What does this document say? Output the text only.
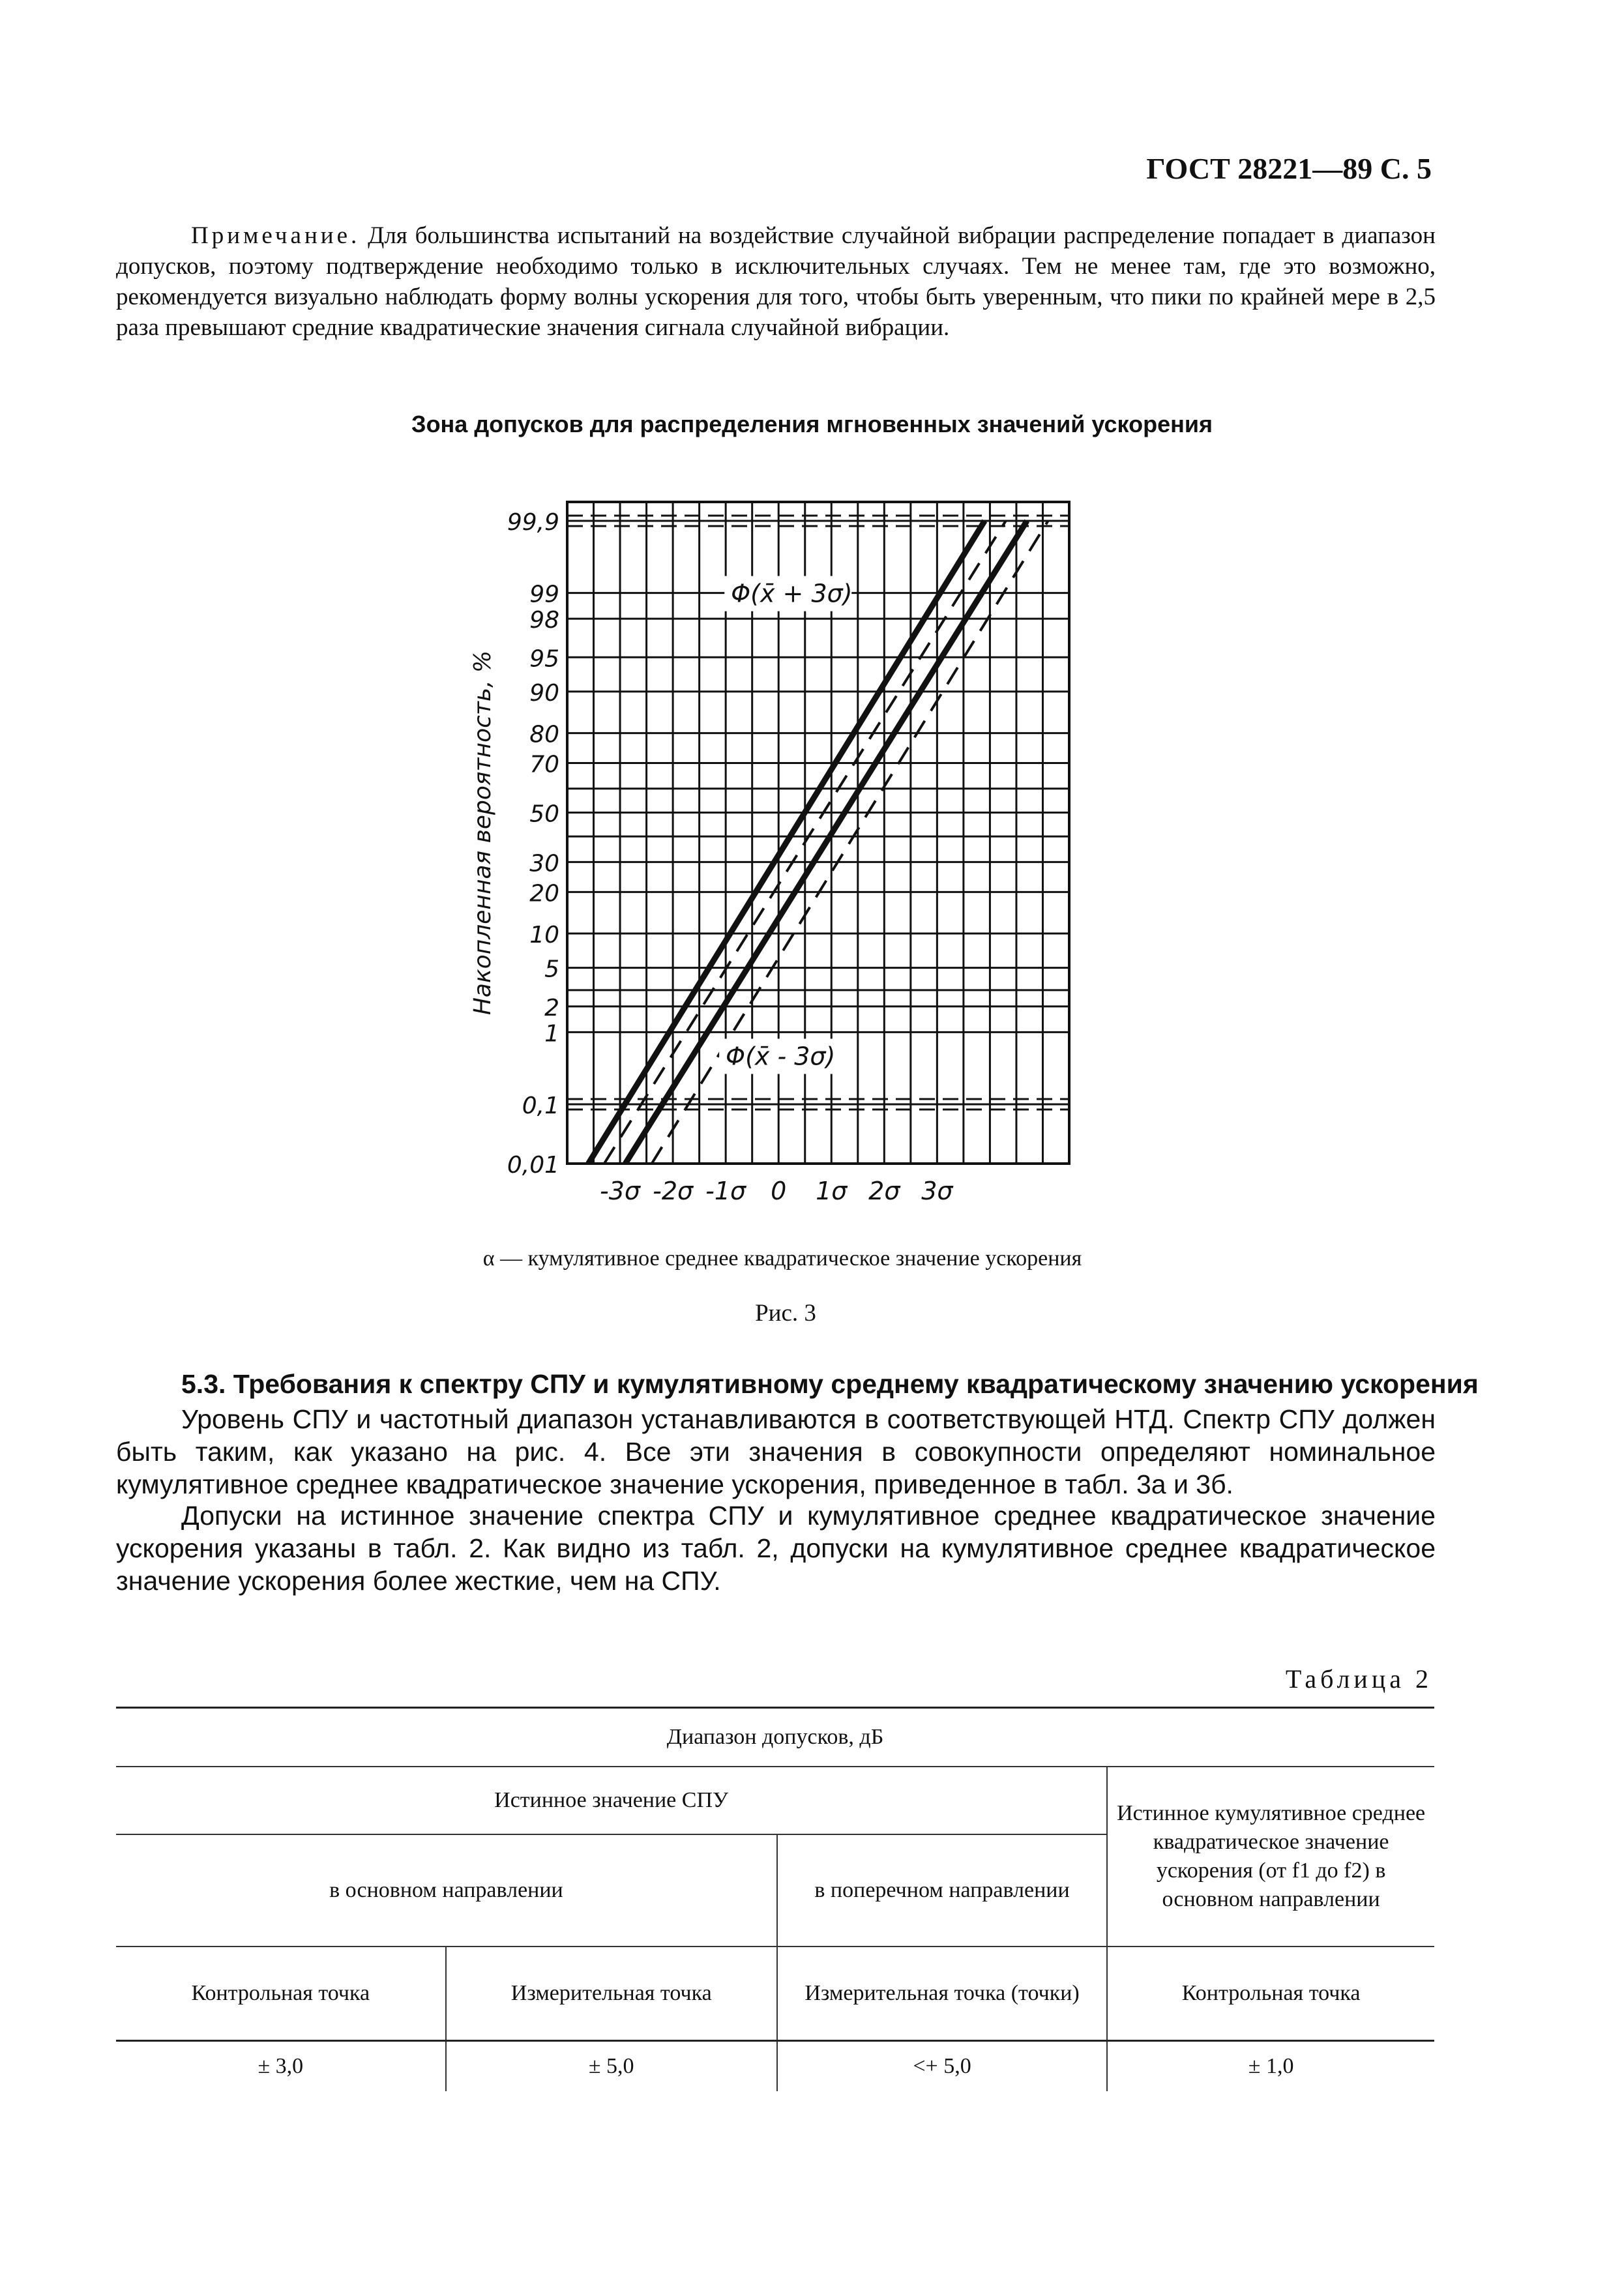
ГОСТ 28221—89 С. 5
Примечание. Для большинства испытаний на воздействие случайной вибрации распределение попадает в диапазон допусков, поэтому подтверждение необходимо только в исключительных случаях. Тем не менее там, где это возможно, рекомендуется визуально наблюдать форму волны ускорения для того, чтобы быть уверенным, что пики по крайней мере в 2,5 раза превышают средние квадратические значения сигнала случайной вибрации.
Зона допусков для распределения мгновенных значений ускорения
0,01
0,1
1
2
5
10
20
30
50
70
80
90
95
98
99
99,9
-3σ -2σ -1σ 0 1σ 2σ 3σ
Накопленная вероятность, %
Φ(x̄ + 3σ)
Φ(x̄ - 3σ)
α — кумулятивное среднее квадратическое значение ускорения
Рис. 3
5.3. Требования к спектру СПУ и кумулятивному среднему квадратическому значению ускорения
Уровень СПУ и частотный диапазон устанавливаются в соответствующей НТД. Спектр СПУ должен быть таким, как указано на рис. 4. Все эти значения в совокупности определяют номинальное кумулятивное среднее квадратическое значение ускорения, приведенное в табл. 3а и 3б.
Допуски на истинное значение спектра СПУ и кумулятивное среднее квадратическое значение ускорения указаны в табл. 2. Как видно из табл. 2, допуски на кумулятивное среднее квадратическое значение ускорения более жесткие, чем на СПУ.
Таблица 2
Диапазон допусков, дБ			
Истинное значение СПУ			Истинное кумулятивное среднее квадратическое значение ускорения (от f1 до f2) в основном направлении
в основном направлении		в поперечном направлении	
Контрольная точка	Измерительная точка	Измерительная точка (точки)	Контрольная точка
± 3,0	± 5,0	<+ 5,0	± 1,0
